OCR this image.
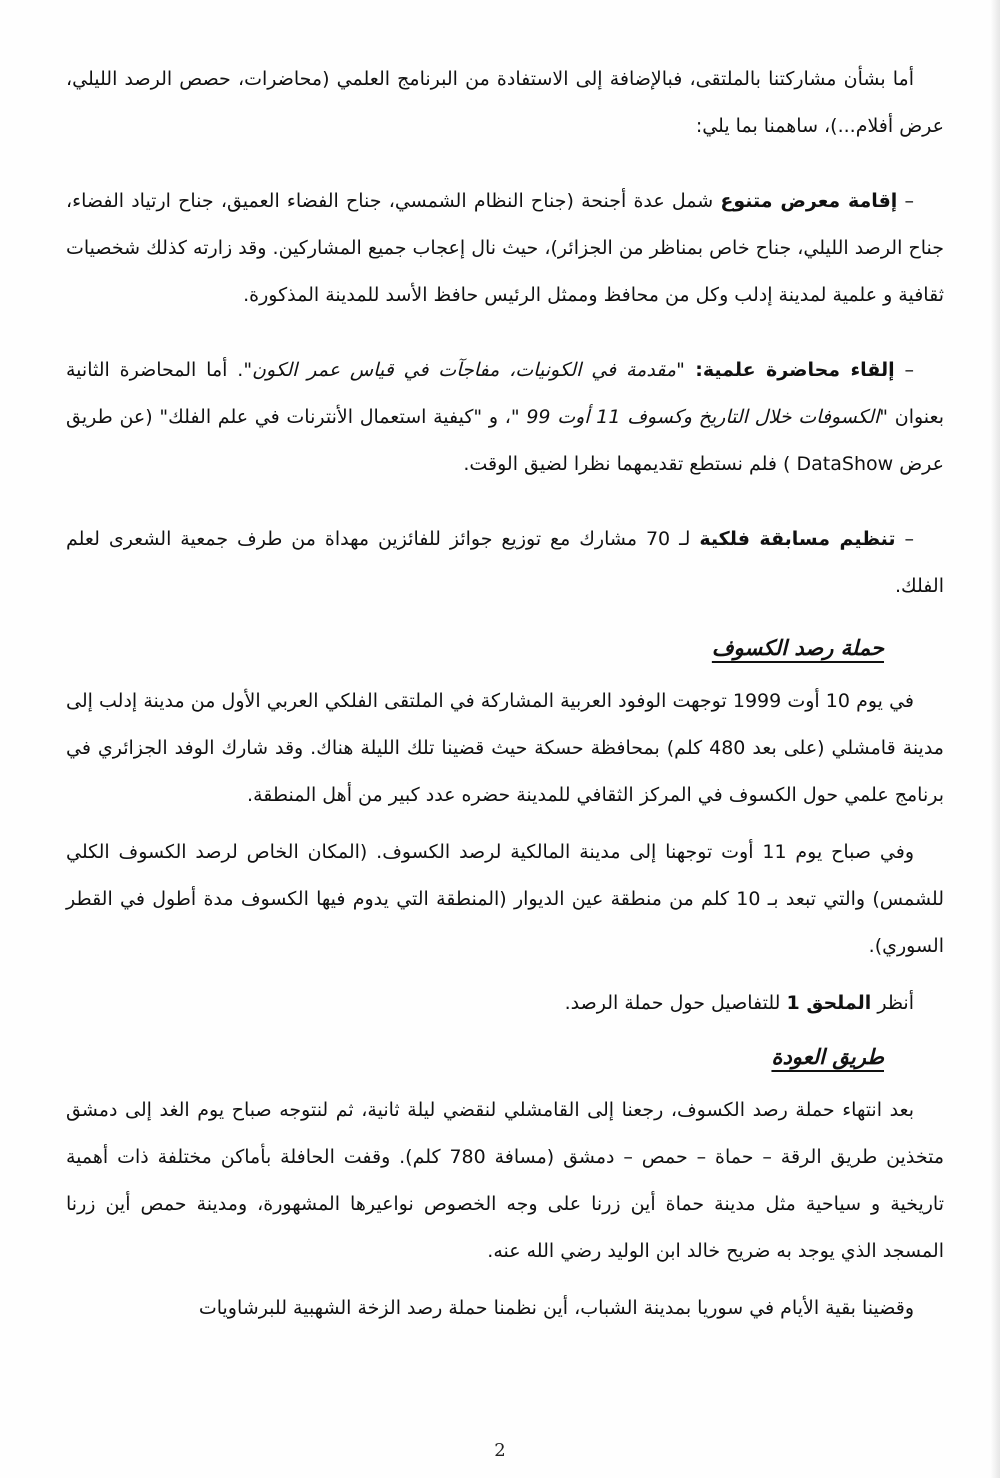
أما بشأن مشاركتنا بالملتقى، فبالإضافة إلى الاستفادة من البرنامج العلمي (محاضرات، حصص الرصد الليلي، عرض أفلام...)، ساهمنا بما يلي:

– إقامة معرض متنوع شمل عدة أجنحة (جناح النظام الشمسي، جناح الفضاء العميق، جناح ارتياد الفضاء، جناح الرصد الليلي، جناح خاص بمناظر من الجزائر)، حيث نال إعجاب جميع المشاركين. وقد زارته كذلك شخصيات ثقافية و علمية لمدينة إدلب وكل من محافظ وممثل الرئيس حافظ الأسد للمدينة المذكورة.

– إلقاء محاضرة علمية: "مقدمة في الكونيات، مفاجآت في قياس عمر الكون". أما المحاضرة الثانية بعنوان "الكسوفات خلال التاريخ وكسوف 11 أوت 99 "، و "كيفية استعمال الأنترنات في علم الفلك" (عن طريق عرض DataShow ) فلم نستطع تقديمهما نظرا لضيق الوقت.

– تنظيم مسابقة فلكية لـ 70 مشارك مع توزيع جوائز للفائزين مهداة من طرف جمعية الشعرى لعلم الفلك.

حملة رصد الكسوف

في يوم 10 أوت 1999 توجهت الوفود العربية المشاركة في الملتقى الفلكي العربي الأول من مدينة إدلب إلى مدينة قامشلي (على بعد 480 كلم) بمحافظة حسكة حيث قضينا تلك الليلة هناك. وقد شارك الوفد الجزائري في برنامج علمي حول الكسوف في المركز الثقافي للمدينة حضره عدد كبير من أهل المنطقة.

وفي صباح يوم 11 أوت توجهنا إلى مدينة المالكية لرصد الكسوف. (المكان الخاص لرصد الكسوف الكلي للشمس) والتي تبعد بـ 10 كلم من منطقة عين الديوار (المنطقة التي يدوم فيها الكسوف مدة أطول في القطر السوري).

أنظر الملحق 1 للتفاصيل حول حملة الرصد.

طريق العودة

بعد انتهاء حملة رصد الكسوف، رجعنا إلى القامشلي لنقضي ليلة ثانية، ثم لنتوجه صباح يوم الغد إلى دمشق متخذين طريق الرقة – حماة – حمص – دمشق (مسافة 780 كلم). وقفت الحافلة بأماكن مختلفة ذات أهمية تاريخية و سياحية مثل مدينة حماة أين زرنا على وجه الخصوص نواعيرها المشهورة، ومدينة حمص أين زرنا المسجد الذي يوجد به ضريح خالد ابن الوليد رضي الله عنه.

وقضينا بقية الأيام في سوريا بمدينة الشباب، أين نظمنا حملة رصد الزخة الشهبية للبرشاويات

2
